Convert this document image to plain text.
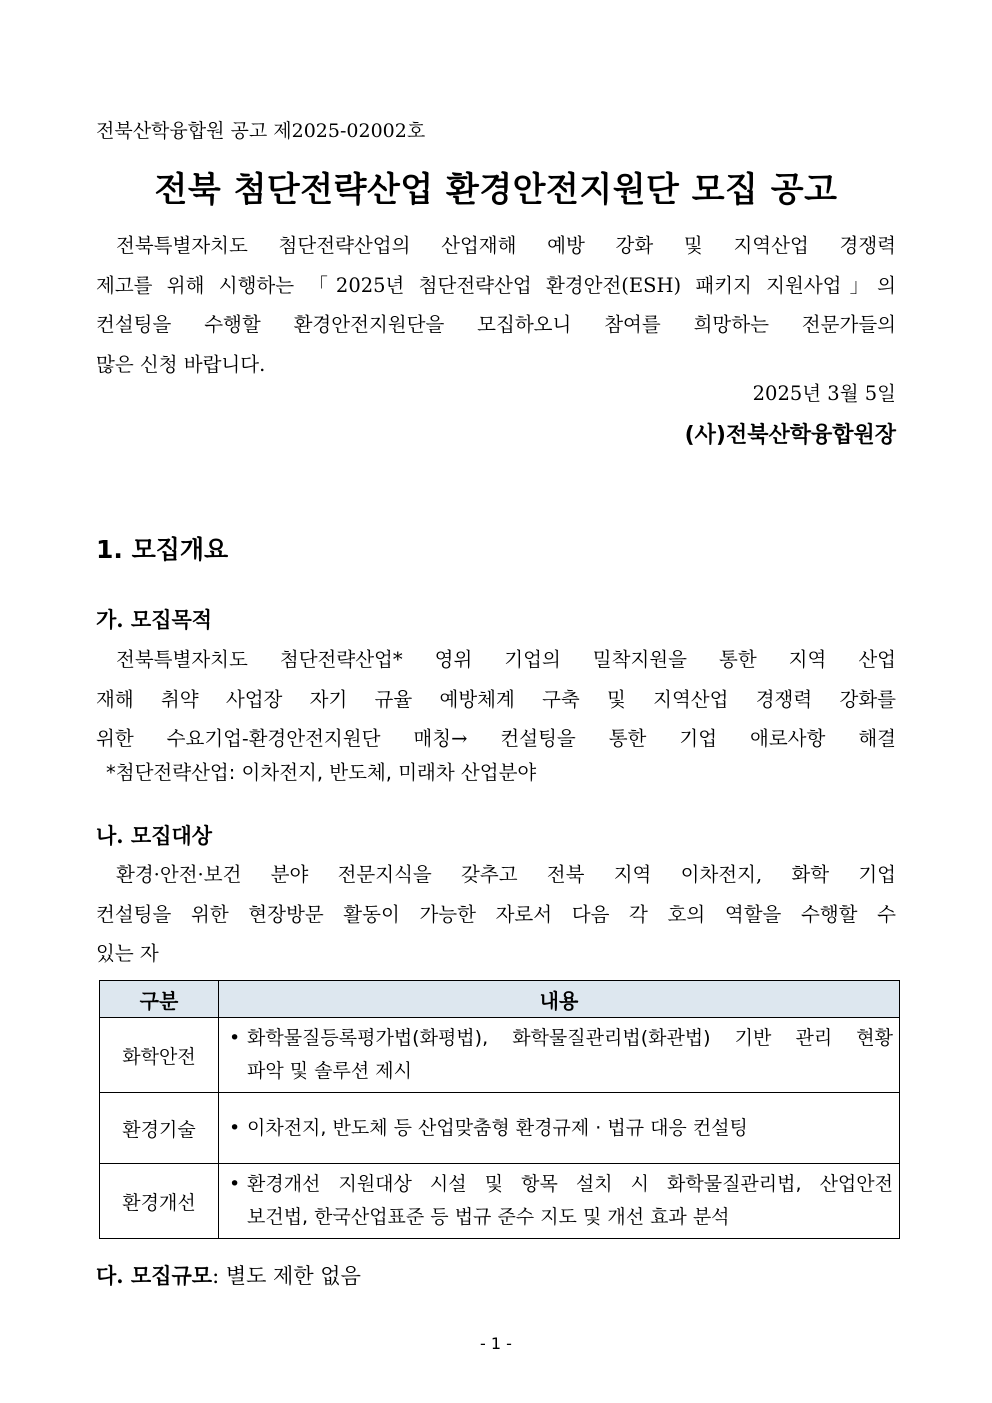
전북산학융합원 공고 제2025-02002호
전북 첨단전략산업 환경안전지원단 모집 공고
전북특별자치도 첨단전략산업의 산업재해 예방 강화 및 지역산업 경쟁력
제고를 위해 시행하는 「2025년 첨단전략산업 환경안전(ESH) 패키지 지원사업」의
컨설팅을 수행할 환경안전지원단을 모집하오니 참여를 희망하는 전문가들의
많은 신청 바랍니다.
2025년 3월 5일
(사)전북산학융합원장
1. 모집개요
가. 모집목적
전북특별자치도 첨단전략산업* 영위 기업의 밀착지원을 통한 지역 산업
재해 취약 사업장 자기 규율 예방체계 구축 및 지역산업 경쟁력 강화를
위한 수요기업-환경안전지원단 매칭→ 컨설팅을 통한 기업 애로사항 해결
*첨단전략산업: 이차전지, 반도체, 미래차 산업분야
나. 모집대상
환경·안전·보건 분야 전문지식을 갖추고 전북 지역 이차전지, 화학 기업
컨설팅을 위한 현장방문 활동이 가능한 자로서 다음 각 호의 역할을 수행할 수
있는 자
구분	내용
화학안전	• 화학물질등록평가법(화평법), 화학물질관리법(화관법) 기반 관리 현황
파악 및 솔루션 제시

환경기술	• 이차전지, 반도체 등 산업맞춤형 환경규제 · 법규 대응 컨설팅

환경개선	• 환경개선 지원대상 시설 및 항목 설치 시 화학물질관리법, 산업안전
보건법, 한국산업표준 등 법규 준수 지도 및 개선 효과 분석
다. 모집규모: 별도 제한 없음
- 1 -
